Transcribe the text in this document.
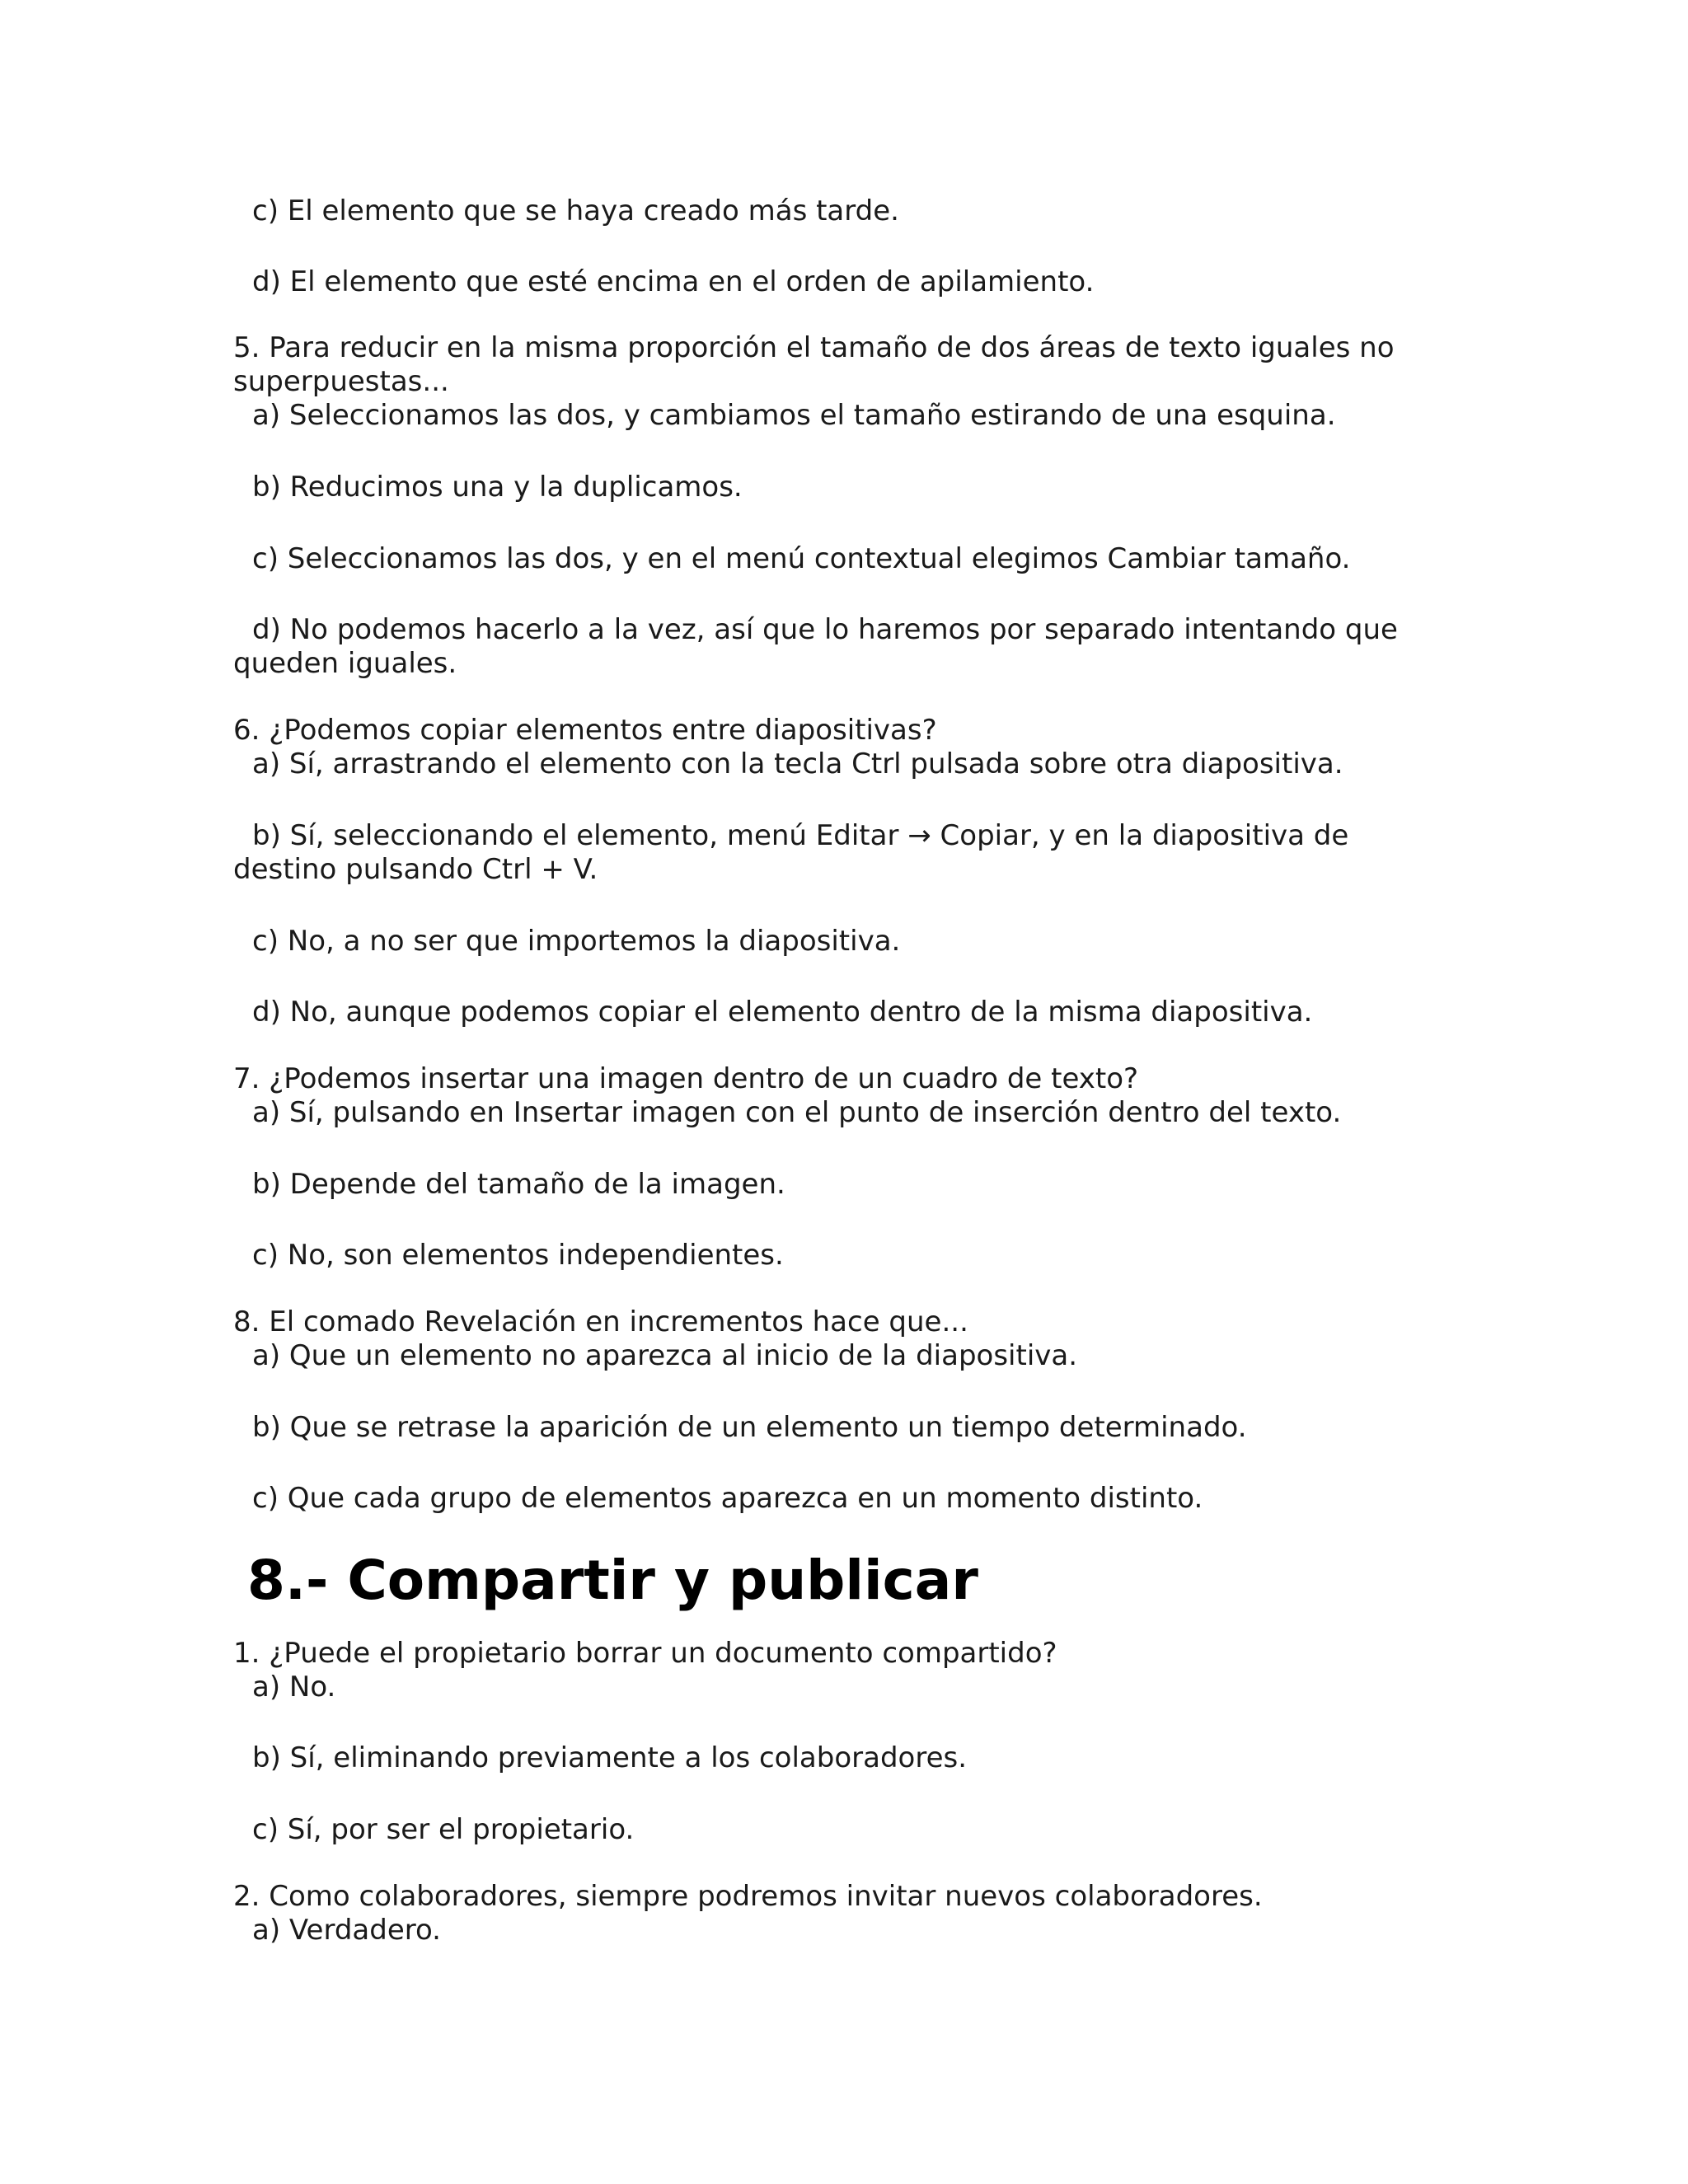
c) El elemento que se haya creado más tarde.

d) El elemento que esté encima en el orden de apilamiento.

5. Para reducir en la misma proporción el tamaño de dos áreas de texto iguales no

superpuestas...

a) Seleccionamos las dos, y cambiamos el tamaño estirando de una esquina.

b) Reducimos una y la duplicamos.

c) Seleccionamos las dos, y en el menú contextual elegimos Cambiar tamaño.

d) No podemos hacerlo a la vez, así que lo haremos por separado intentando que

queden iguales.

6. ¿Podemos copiar elementos entre diapositivas?

a) Sí, arrastrando el elemento con la tecla Ctrl pulsada sobre otra diapositiva.

b) Sí, seleccionando el elemento, menú Editar → Copiar, y en la diapositiva de

destino pulsando Ctrl + V.

c) No, a no ser que importemos la diapositiva.

d) No, aunque podemos copiar el elemento dentro de la misma diapositiva.

7. ¿Podemos insertar una imagen dentro de un cuadro de texto?

a) Sí, pulsando en Insertar imagen con el punto de inserción dentro del texto.

b) Depende del tamaño de la imagen.

c) No, son elementos independientes.

8. El comado Revelación en incrementos hace que...

a) Que un elemento no aparezca al inicio de la diapositiva.

b) Que se retrase la aparición de un elemento un tiempo determinado.

c) Que cada grupo de elementos aparezca en un momento distinto.

8.- Compartir y publicar

1. ¿Puede el propietario borrar un documento compartido?

a) No.

b) Sí, eliminando previamente a los colaboradores.

c) Sí, por ser el propietario.

2. Como colaboradores, siempre podremos invitar nuevos colaboradores.

a) Verdadero.
